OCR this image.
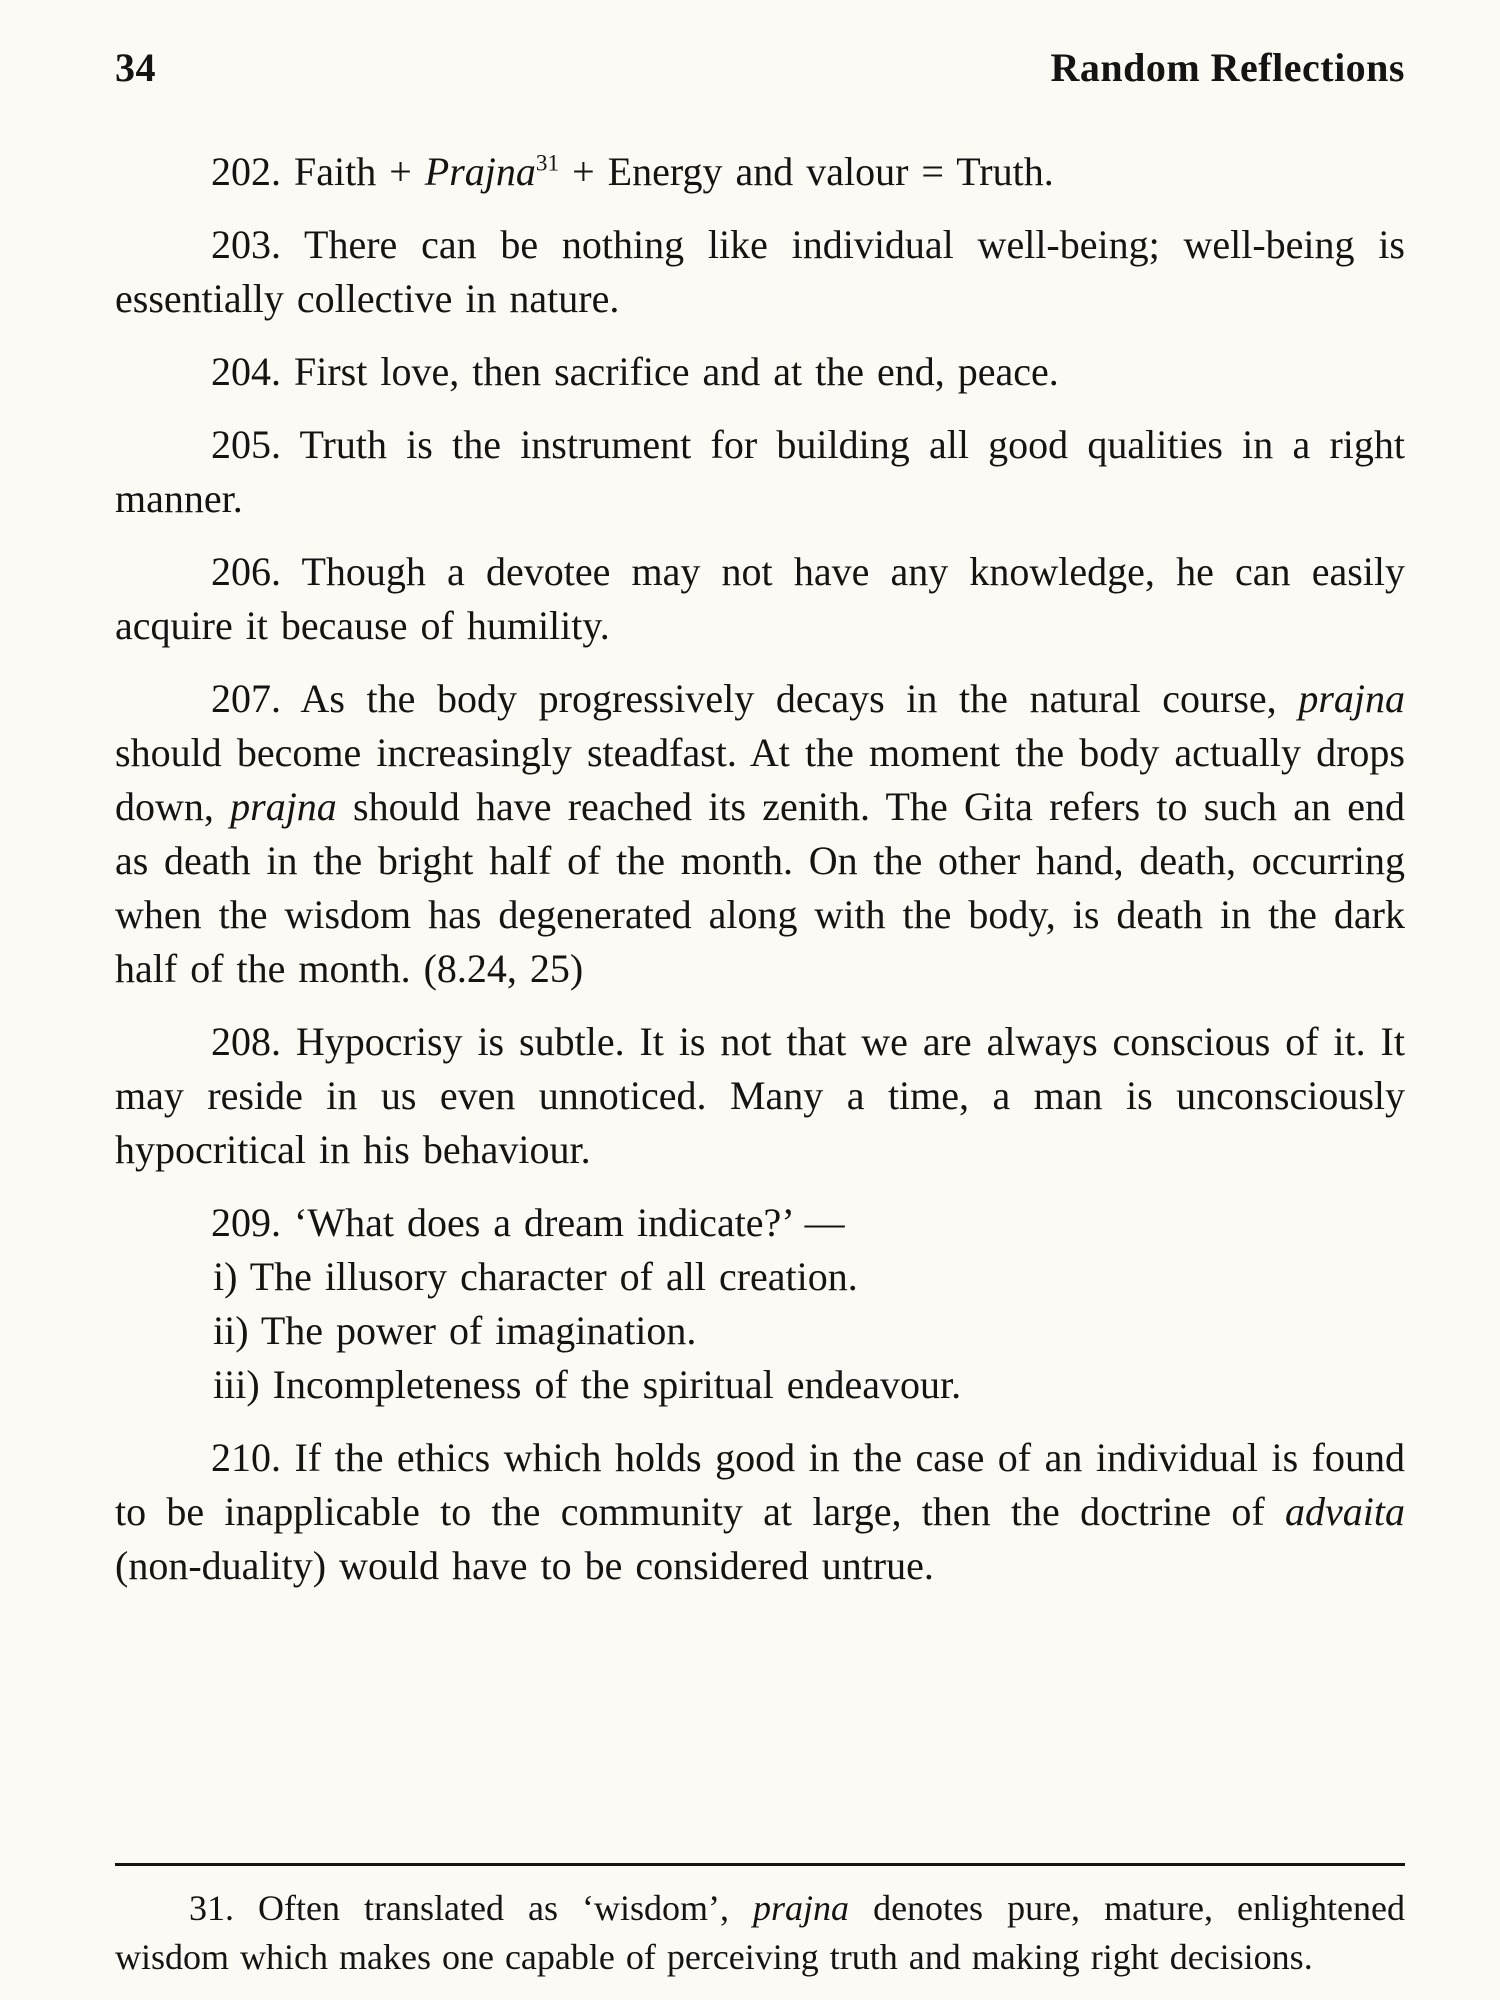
34	Random Reflections

202. Faith + Prajna$^{31}$ + Energy and valour = Truth.

203. There can be nothing like individual well-being; well-being is essentially collective in nature.

204. First love, then sacrifice and at the end, peace.

205. Truth is the instrument for building all good qualities in a right manner.

206. Though a devotee may not have any knowledge, he can easily acquire it because of humility.

207. As the body progressively decays in the natural course, prajna should become increasingly steadfast. At the moment the body actually drops down, prajna should have reached its zenith. The Gita refers to such an end as death in the bright half of the month. On the other hand, death, occurring when the wisdom has degenerated along with the body, is death in the dark half of the month. (8.24, 25)

208. Hypocrisy is subtle. It is not that we are always conscious of it. It may reside in us even unnoticed. Many a time, a man is unconsciously hypocritical in his behaviour.

209. ‘What does a dream indicate?’ —

i) The illusory character of all creation.

ii) The power of imagination.

iii) Incompleteness of the spiritual endeavour.

210. If the ethics which holds good in the case of an individual is found to be inapplicable to the community at large, then the doctrine of advaita (non-duality) would have to be considered untrue.

31. Often translated as ‘wisdom’, prajna denotes pure, mature, enlightened wisdom which makes one capable of perceiving truth and making right decisions.
